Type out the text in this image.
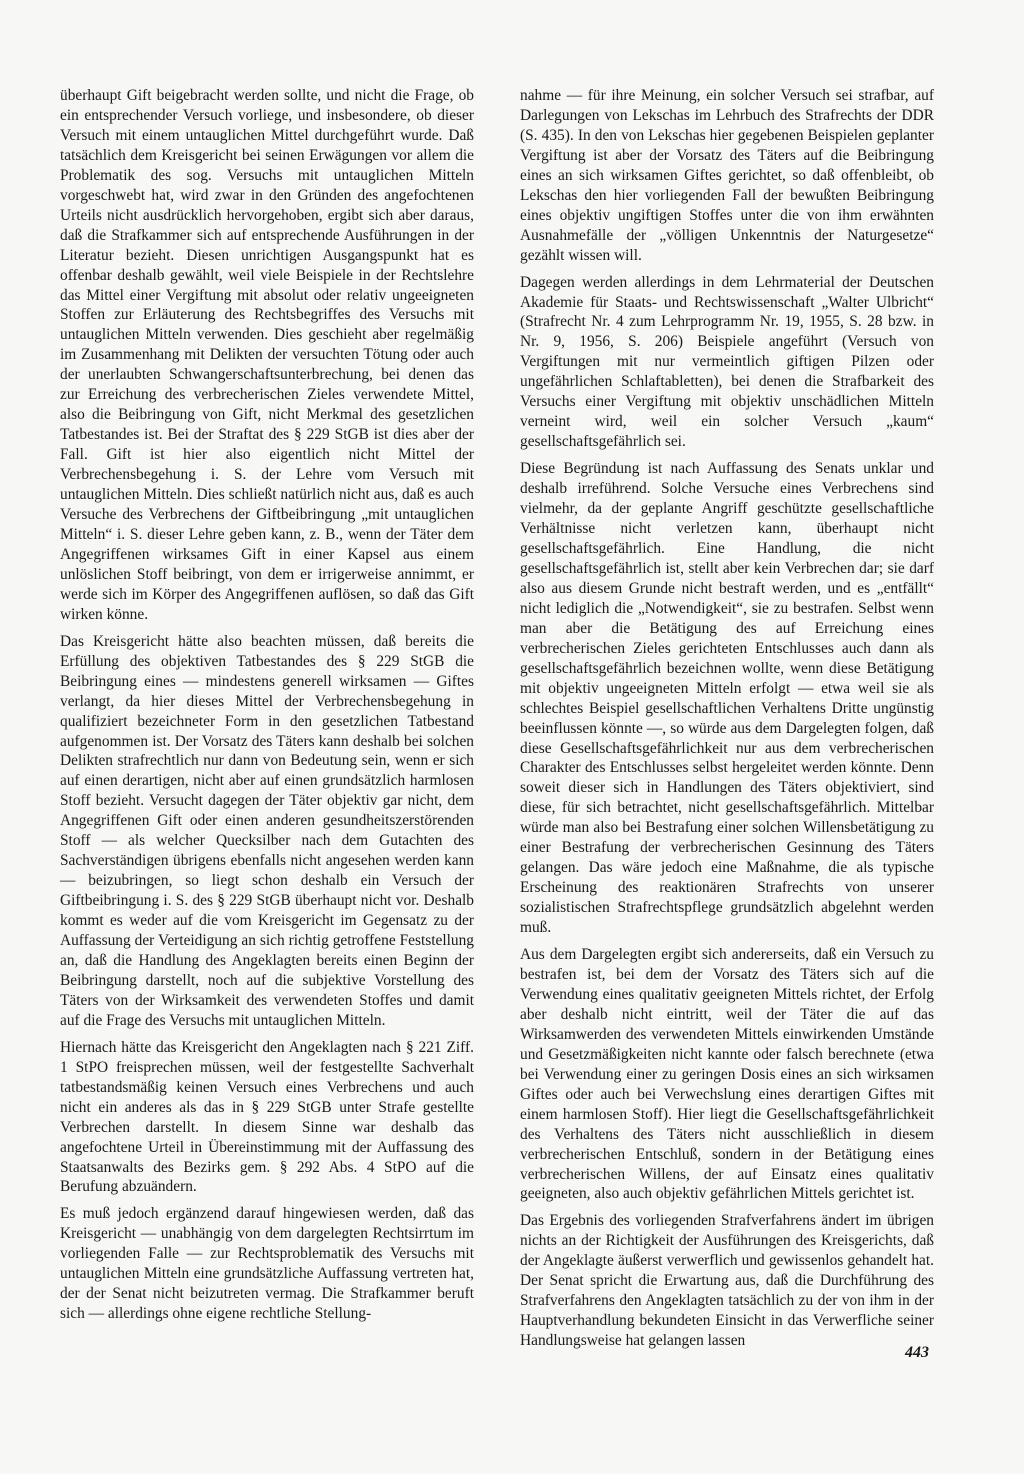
überhaupt Gift beigebracht werden sollte, und nicht die Frage, ob ein entsprechender Versuch vorliege, und insbesondere, ob dieser Versuch mit einem untauglichen Mittel durchgeführt wurde. Daß tatsächlich dem Kreisgericht bei seinen Erwägungen vor allem die Problematik des sog. Versuchs mit untauglichen Mitteln vorgeschwebt hat, wird zwar in den Gründen des angefochtenen Urteils nicht ausdrücklich hervorgehoben, ergibt sich aber daraus, daß die Strafkammer sich auf entsprechende Ausführungen in der Literatur bezieht. Diesen unrichtigen Ausgangspunkt hat es offenbar deshalb gewählt, weil viele Beispiele in der Rechtslehre das Mittel einer Vergiftung mit absolut oder relativ ungeeigneten Stoffen zur Erläuterung des Rechtsbegriffes des Versuchs mit untauglichen Mitteln verwenden. Dies geschieht aber regelmäßig im Zusammenhang mit Delikten der versuchten Tötung oder auch der unerlaubten Schwangerschaftsunterbrechung, bei denen das zur Erreichung des verbrecherischen Zieles verwendete Mittel, also die Beibringung von Gift, nicht Merkmal des gesetzlichen Tatbestandes ist. Bei der Straftat des § 229 StGB ist dies aber der Fall. Gift ist hier also eigentlich nicht Mittel der Verbrechensbegehung i. S. der Lehre vom Versuch mit untauglichen Mitteln. Dies schließt natürlich nicht aus, daß es auch Versuche des Verbrechens der Giftbeibringung „mit untauglichen Mitteln“ i. S. dieser Lehre geben kann, z. B., wenn der Täter dem Angegriffenen wirksames Gift in einer Kapsel aus einem unlöslichen Stoff beibringt, von dem er irrigerweise annimmt, er werde sich im Körper des Angegriffenen auflösen, so daß das Gift wirken könne.

Das Kreisgericht hätte also beachten müssen, daß bereits die Erfüllung des objektiven Tatbestandes des § 229 StGB die Beibringung eines — mindestens generell wirksamen — Giftes verlangt, da hier dieses Mittel der Verbrechensbegehung in qualifiziert bezeichneter Form in den gesetzlichen Tatbestand aufgenommen ist. Der Vorsatz des Täters kann deshalb bei solchen Delikten strafrechtlich nur dann von Bedeutung sein, wenn er sich auf einen derartigen, nicht aber auf einen grundsätzlich harmlosen Stoff bezieht. Versucht dagegen der Täter objektiv gar nicht, dem Angegriffenen Gift oder einen anderen gesundheitszerstörenden Stoff — als welcher Quecksilber nach dem Gutachten des Sachverständigen übrigens ebenfalls nicht angesehen werden kann — beizubringen, so liegt schon deshalb ein Versuch der Giftbeibringung i. S. des § 229 StGB überhaupt nicht vor. Deshalb kommt es weder auf die vom Kreisgericht im Gegensatz zu der Auffassung der Verteidigung an sich richtig getroffene Feststellung an, daß die Handlung des Angeklagten bereits einen Beginn der Beibringung darstellt, noch auf die subjektive Vorstellung des Täters von der Wirksamkeit des verwendeten Stoffes und damit auf die Frage des Versuchs mit untauglichen Mitteln.

Hiernach hätte das Kreisgericht den Angeklagten nach § 221 Ziff. 1 StPO freisprechen müssen, weil der festgestellte Sachverhalt tatbestandsmäßig keinen Versuch eines Verbrechens und auch nicht ein anderes als das in § 229 StGB unter Strafe gestellte Verbrechen darstellt. In diesem Sinne war deshalb das angefochtene Urteil in Übereinstimmung mit der Auffassung des Staatsanwalts des Bezirks gem. § 292 Abs. 4 StPO auf die Berufung abzuändern.

Es muß jedoch ergänzend darauf hingewiesen werden, daß das Kreisgericht — unabhängig von dem dargelegten Rechtsirrtum im vorliegenden Falle — zur Rechtsproblematik des Versuchs mit untauglichen Mitteln eine grundsätzliche Auffassung vertreten hat, der der Senat nicht beizutreten vermag. Die Strafkammer beruft sich — allerdings ohne eigene rechtliche Stellung-

nahme — für ihre Meinung, ein solcher Versuch sei strafbar, auf Darlegungen von Lekschas im Lehrbuch des Strafrechts der DDR (S. 435). In den von Lekschas hier gegebenen Beispielen geplanter Vergiftung ist aber der Vorsatz des Täters auf die Beibringung eines an sich wirksamen Giftes gerichtet, so daß offenbleibt, ob Lekschas den hier vorliegenden Fall der bewußten Beibringung eines objektiv ungiftigen Stoffes unter die von ihm erwähnten Ausnahmefälle der „völligen Unkenntnis der Naturgesetze“ gezählt wissen will.

Dagegen werden allerdings in dem Lehrmaterial der Deutschen Akademie für Staats- und Rechtswissenschaft „Walter Ulbricht“ (Strafrecht Nr. 4 zum Lehrprogramm Nr. 19, 1955, S. 28 bzw. in Nr. 9, 1956, S. 206) Beispiele angeführt (Versuch von Vergiftungen mit nur vermeintlich giftigen Pilzen oder ungefährlichen Schlaftabletten), bei denen die Strafbarkeit des Versuchs einer Vergiftung mit objektiv unschädlichen Mitteln verneint wird, weil ein solcher Versuch „kaum“ gesellschaftsgefährlich sei.

Diese Begründung ist nach Auffassung des Senats unklar und deshalb irreführend. Solche Versuche eines Verbrechens sind vielmehr, da der geplante Angriff geschützte gesellschaftliche Verhältnisse nicht verletzen kann, überhaupt nicht gesellschaftsgefährlich. Eine Handlung, die nicht gesellschaftsgefährlich ist, stellt aber kein Verbrechen dar; sie darf also aus diesem Grunde nicht bestraft werden, und es „entfällt“ nicht lediglich die „Notwendigkeit“, sie zu bestrafen. Selbst wenn man aber die Betätigung des auf Erreichung eines verbrecherischen Zieles gerichteten Entschlusses auch dann als gesellschaftsgefährlich bezeichnen wollte, wenn diese Betätigung mit objektiv ungeeigneten Mitteln erfolgt — etwa weil sie als schlechtes Beispiel gesellschaftlichen Verhaltens Dritte ungünstig beeinflussen könnte —, so würde aus dem Dargelegten folgen, daß diese Gesellschaftsgefährlichkeit nur aus dem verbrecherischen Charakter des Entschlusses selbst hergeleitet werden könnte. Denn soweit dieser sich in Handlungen des Täters objektiviert, sind diese, für sich betrachtet, nicht gesellschaftsgefährlich. Mittelbar würde man also bei Bestrafung einer solchen Willensbetätigung zu einer Bestrafung der verbrecherischen Gesinnung des Täters gelangen. Das wäre jedoch eine Maßnahme, die als typische Erscheinung des reaktionären Strafrechts von unserer sozialistischen Strafrechtspflege grundsätzlich abgelehnt werden muß.

Aus dem Dargelegten ergibt sich andererseits, daß ein Versuch zu bestrafen ist, bei dem der Vorsatz des Täters sich auf die Verwendung eines qualitativ geeigneten Mittels richtet, der Erfolg aber deshalb nicht eintritt, weil der Täter die auf das Wirksamwerden des verwendeten Mittels einwirkenden Umstände und Gesetzmäßigkeiten nicht kannte oder falsch berechnete (etwa bei Verwendung einer zu geringen Dosis eines an sich wirksamen Giftes oder auch bei Verwechslung eines derartigen Giftes mit einem harmlosen Stoff). Hier liegt die Gesellschaftsgefährlichkeit des Verhaltens des Täters nicht ausschließlich in diesem verbrecherischen Entschluß, sondern in der Betätigung eines verbrecherischen Willens, der auf Einsatz eines qualitativ geeigneten, also auch objektiv gefährlichen Mittels gerichtet ist.

Das Ergebnis des vorliegenden Strafverfahrens ändert im übrigen nichts an der Richtigkeit der Ausführungen des Kreisgerichts, daß der Angeklagte äußerst verwerflich und gewissenlos gehandelt hat. Der Senat spricht die Erwartung aus, daß die Durchführung des Strafverfahrens den Angeklagten tatsächlich zu der von ihm in der Hauptverhandlung bekundeten Einsicht in das Verwerfliche seiner Handlungsweise hat gelangen lassen

443
